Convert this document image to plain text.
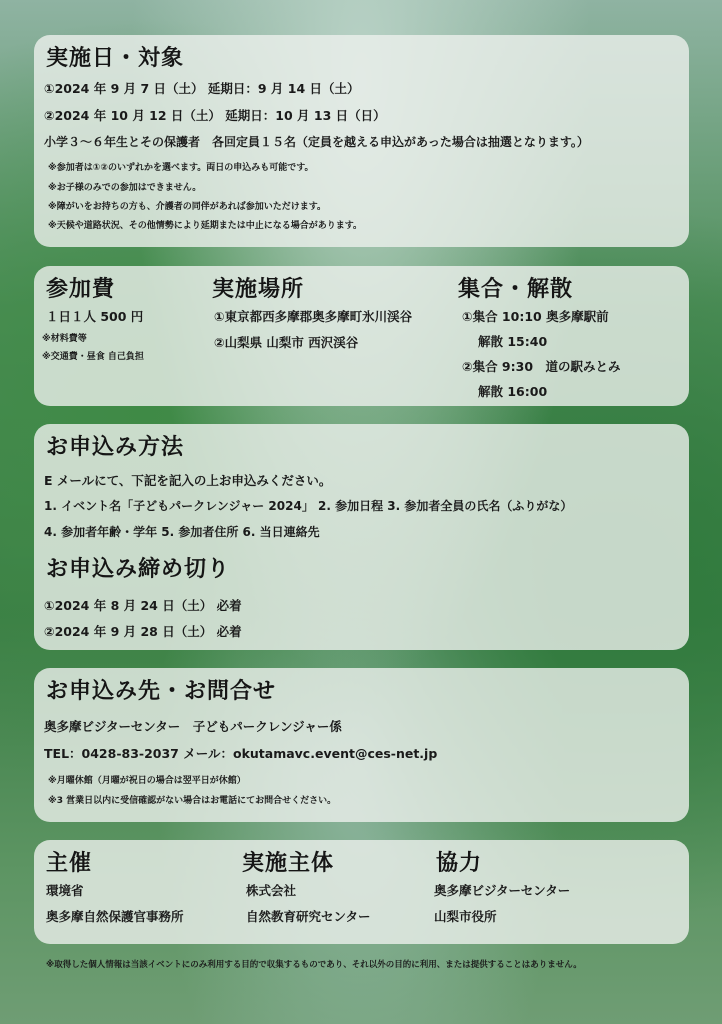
実施日・対象
①2024 年 9 月 7 日（土） 延期日：9 月 14 日（土）
②2024 年 10 月 12 日（土） 延期日：10 月 13 日（日）
小学３～６年生とその保護者　各回定員１５名（定員を越える申込があった場合は抽選となります。）
※参加者は①②のいずれかを選べます。両日の申込みも可能です。
※お子様のみでの参加はできません。
※障がいをお持ちの方も、介護者の同伴があれば参加いただけます。
※天候や道路状況、その他情勢により延期または中止になる場合があります。
参加費
１日１人 500 円
※材料費等
※交通費・昼食 自己負担
実施場所
①東京都西多摩郡奥多摩町氷川渓谷
②山梨県 山梨市 西沢渓谷
集合・解散
①集合 10:10 奥多摩駅前
解散 15:40
②集合 9:30　道の駅みとみ
解散 16:00
お申込み方法
E メールにて、下記を記入の上お申込みください。
1. イベント名「子どもパークレンジャー 2024」 2. 参加日程 3. 参加者全員の氏名（ふりがな）
4. 参加者年齢・学年 5. 参加者住所 6. 当日連絡先
お申込み締め切り
①2024 年 8 月 24 日（土） 必着
②2024 年 9 月 28 日（土） 必着
お申込み先・お問合せ
奥多摩ビジターセンター　子どもパークレンジャー係
TEL：0428-83-2037 メール：okutamavc.event@ces-net.jp
※月曜休館（月曜が祝日の場合は翌平日が休館）
※3 営業日以内に受信確認がない場合はお電話にてお問合せください。
主催
環境省
奥多摩自然保護官事務所
実施主体
株式会社
自然教育研究センター
協力
奥多摩ビジターセンター
山梨市役所
※取得した個人情報は当該イベントにのみ利用する目的で収集するものであり、それ以外の目的に利用、または提供することはありません。
